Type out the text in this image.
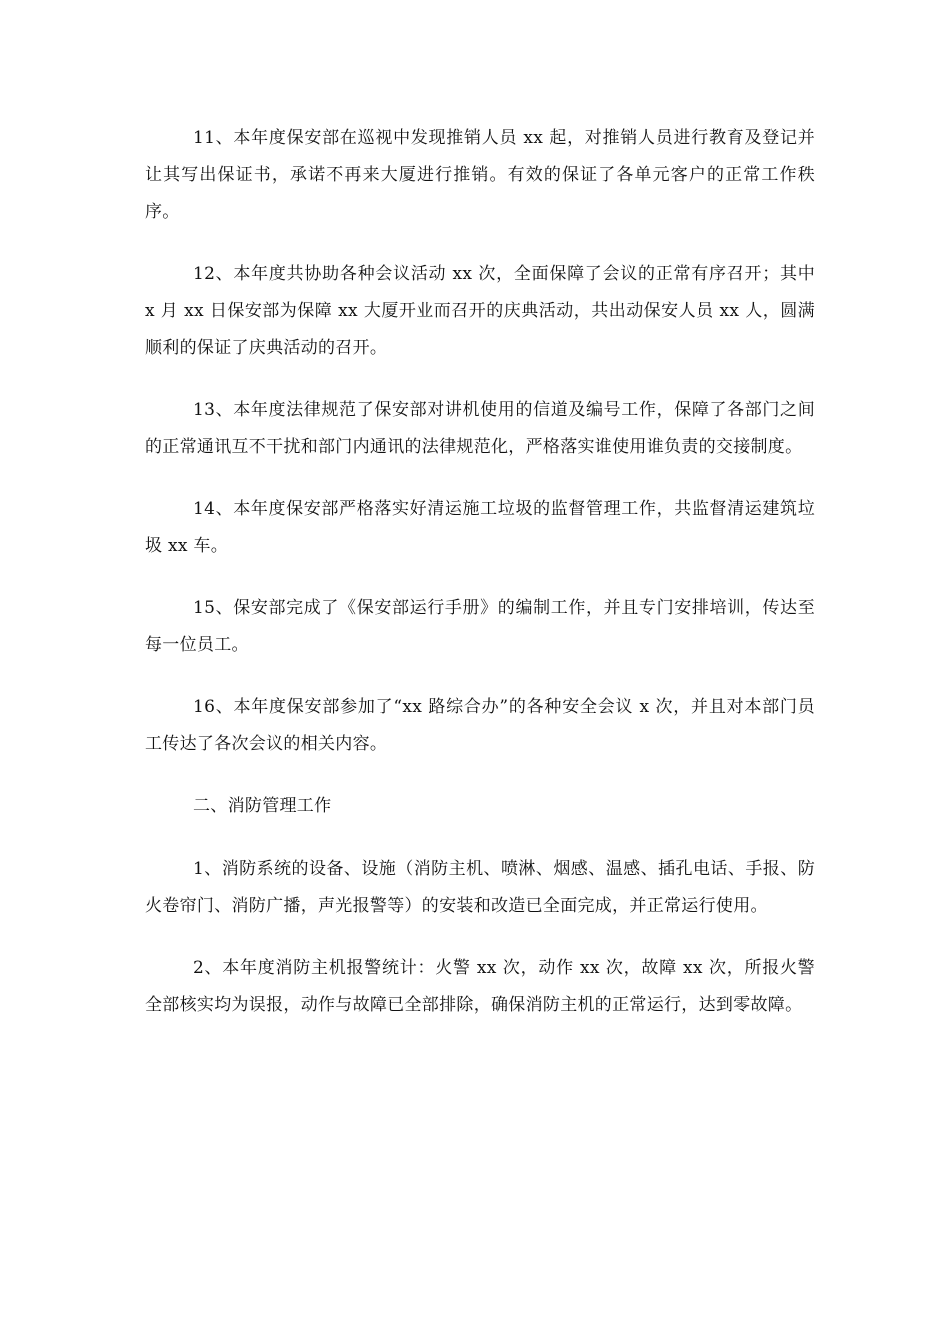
11、本年度保安部在巡视中发现推销人员 xx 起，对推销人员进行教育及登记并让其写出保证书，承诺不再来大厦进行推销。有效的保证了各单元客户的正常工作秩序。

12、本年度共协助各种会议活动 xx 次，全面保障了会议的正常有序召开；其中 x 月 xx 日保安部为保障 xx 大厦开业而召开的庆典活动，共出动保安人员 xx 人，圆满顺利的保证了庆典活动的召开。

13、本年度法律规范了保安部对讲机使用的信道及编号工作，保障了各部门之间的正常通讯互不干扰和部门内通讯的法律规范化，严格落实谁使用谁负责的交接制度。

14、本年度保安部严格落实好清运施工垃圾的监督管理工作，共监督清运建筑垃圾 xx 车。

15、保安部完成了《保安部运行手册》的编制工作，并且专门安排培训，传达至每一位员工。

16、本年度保安部参加了“xx 路综合办”的各种安全会议 x 次，并且对本部门员工传达了各次会议的相关内容。

二、消防管理工作

1、消防系统的设备、设施（消防主机、喷淋、烟感、温感、插孔电话、手报、防火卷帘门、消防广播，声光报警等）的安装和改造已全面完成，并正常运行使用。

2、本年度消防主机报警统计：火警 xx 次，动作 xx 次，故障 xx 次，所报火警全部核实均为误报，动作与故障已全部排除，确保消防主机的正常运行，达到零故障。
